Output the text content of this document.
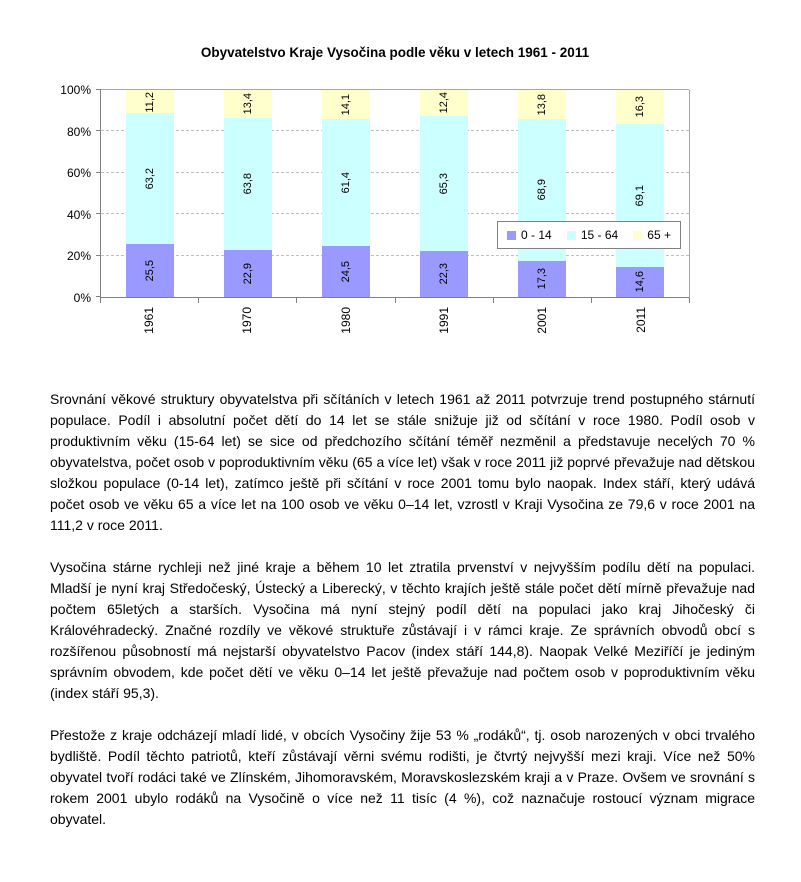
Obyvatelstvo Kraje Vysočina podle věku v letech 1961 - 2011
0%
20%
40%
60%
80%
100%
25,5
63,2
11,2
22,9
63,8
13,4
24,5
61,4
14,1
22,3
65,3
12,4
17,3
68,9
13,8
14,6
69,1
16,3
0 - 14 15 - 64 65 +
1961	1970	1980	1991	2001	2011

Srovnání věkové struktury obyvatelstva při sčítáních v letech 1961 až 2011 potvrzuje trend postupného stárnutí populace. Podíl i absolutní počet dětí do 14 let se stále snižuje již od sčítání v roce 1980. Podíl osob v produktivním věku (15-64 let) se sice od předchozího sčítání téměř nezměnil a představuje necelých 70 % obyvatelstva, počet osob v poproduktivním věku (65 a více let) však v roce 2011 již poprvé převažuje nad dětskou složkou populace (0-14 let), zatímco ještě při sčítání v roce 2001 tomu bylo naopak. Index stáří, který udává počet osob ve věku 65 a více let na 100 osob ve věku 0–14 let, vzrostl v Kraji Vysočina ze 79,6 v roce 2001 na 111,2 v roce 2011.

Vysočina stárne rychleji než jiné kraje a během 10 let ztratila prvenství v nejvyšším podílu dětí na populaci. Mladší je nyní kraj Středočeský, Ústecký a Liberecký, v těchto krajích ještě stále počet dětí mírně převažuje nad počtem 65letých a starších. Vysočina má nyní stejný podíl dětí na populaci jako kraj Jihočeský či Královéhradecký. Značné rozdíly ve věkové struktuře zůstávají i v rámci kraje. Ze správních obvodů obcí s rozšířenou působností má nejstarší obyvatelstvo Pacov (index stáří 144,8). Naopak Velké Meziříčí je jediným správním obvodem, kde počet dětí ve věku 0–14 let ještě převažuje nad počtem osob v poproduktivním věku (index stáří 95,3).

Přestože z kraje odcházejí mladí lidé, v obcích Vysočiny žije 53 % „rodáků“, tj. osob narozených v obci trvalého bydliště. Podíl těchto patriotů, kteří zůstávají věrni svému rodišti, je čtvrtý nejvyšší mezi kraji. Více než 50% obyvatel tvoří rodáci také ve Zlínském, Jihomoravském, Moravskoslezském kraji a v Praze. Ovšem ve srovnání s rokem 2001 ubylo rodáků na Vysočině o více než 11 tisíc (4 %), což naznačuje rostoucí význam migrace obyvatel.
